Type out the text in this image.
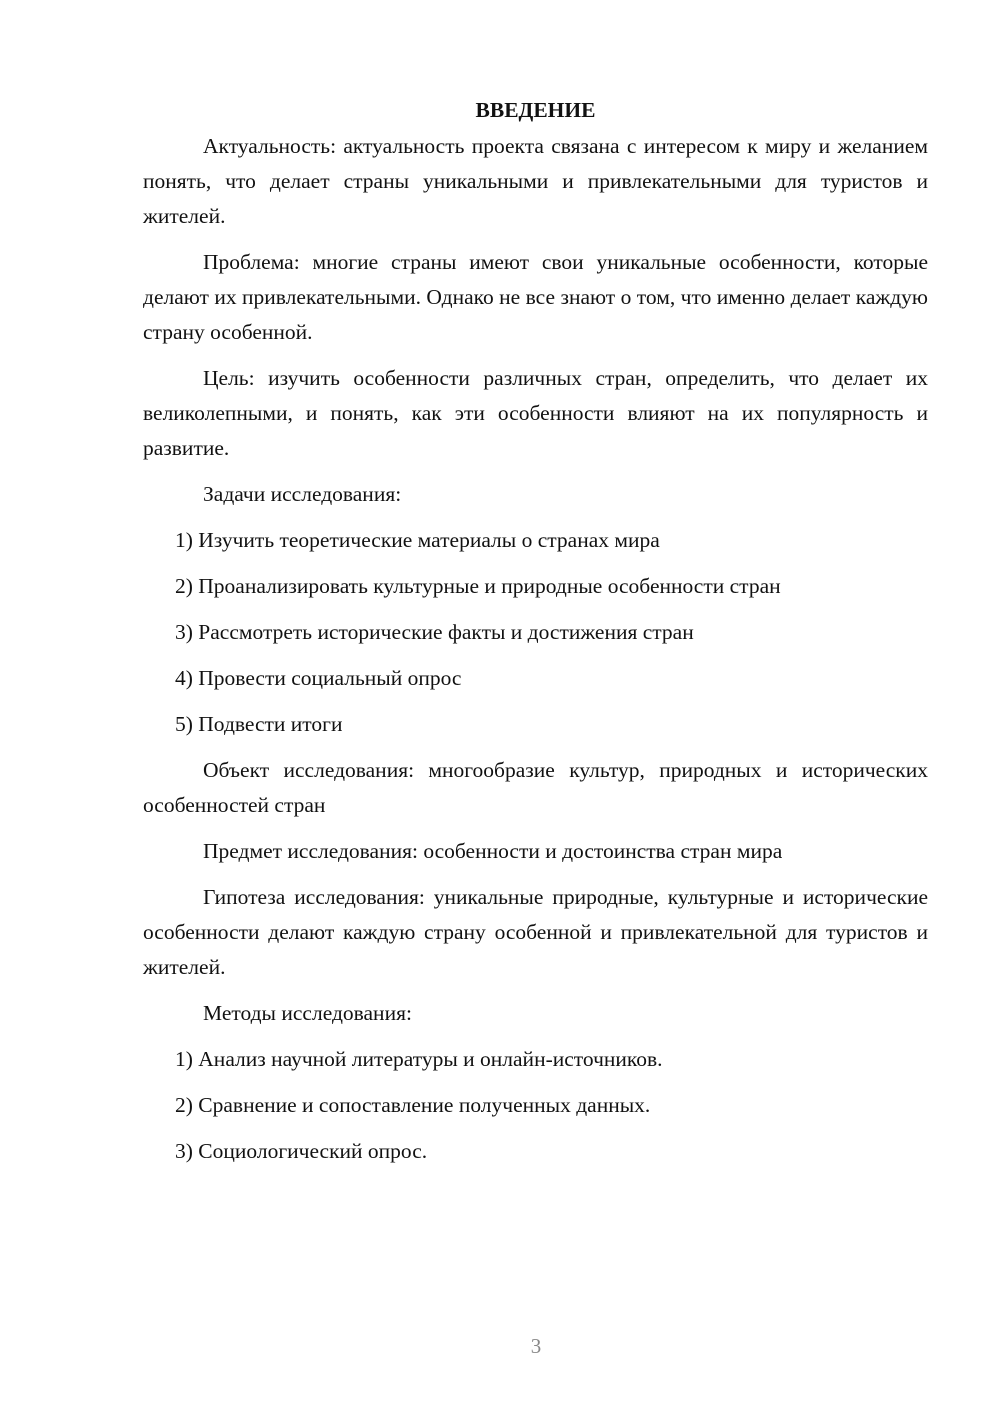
ВВЕДЕНИЕ

Актуальность: актуальность проекта связана с интересом к миру и желанием понять, что делает страны уникальными и привлекательными для туристов и жителей.

Проблема: многие страны имеют свои уникальные особенности, которые делают их привлекательными. Однако не все знают о том, что именно делает каждую страну особенной.

Цель: изучить особенности различных стран, определить, что делает их великолепными, и понять, как эти особенности влияют на их популярность и развитие.

Задачи исследования:

1) Изучить теоретические материалы о странах мира

2) Проанализировать культурные и природные особенности стран

3) Рассмотреть исторические факты и достижения стран

4) Провести социальный опрос

5) Подвести итоги

Объект исследования: многообразие культур, природных и исторических особенностей стран

Предмет исследования: особенности и достоинства стран мира

Гипотеза исследования: уникальные природные, культурные и исторические особенности делают каждую страну особенной и привлекательной для туристов и жителей.

Методы исследования:

1) Анализ научной литературы и онлайн-источников.

2) Сравнение и сопоставление полученных данных.

3) Социологический опрос.

3
